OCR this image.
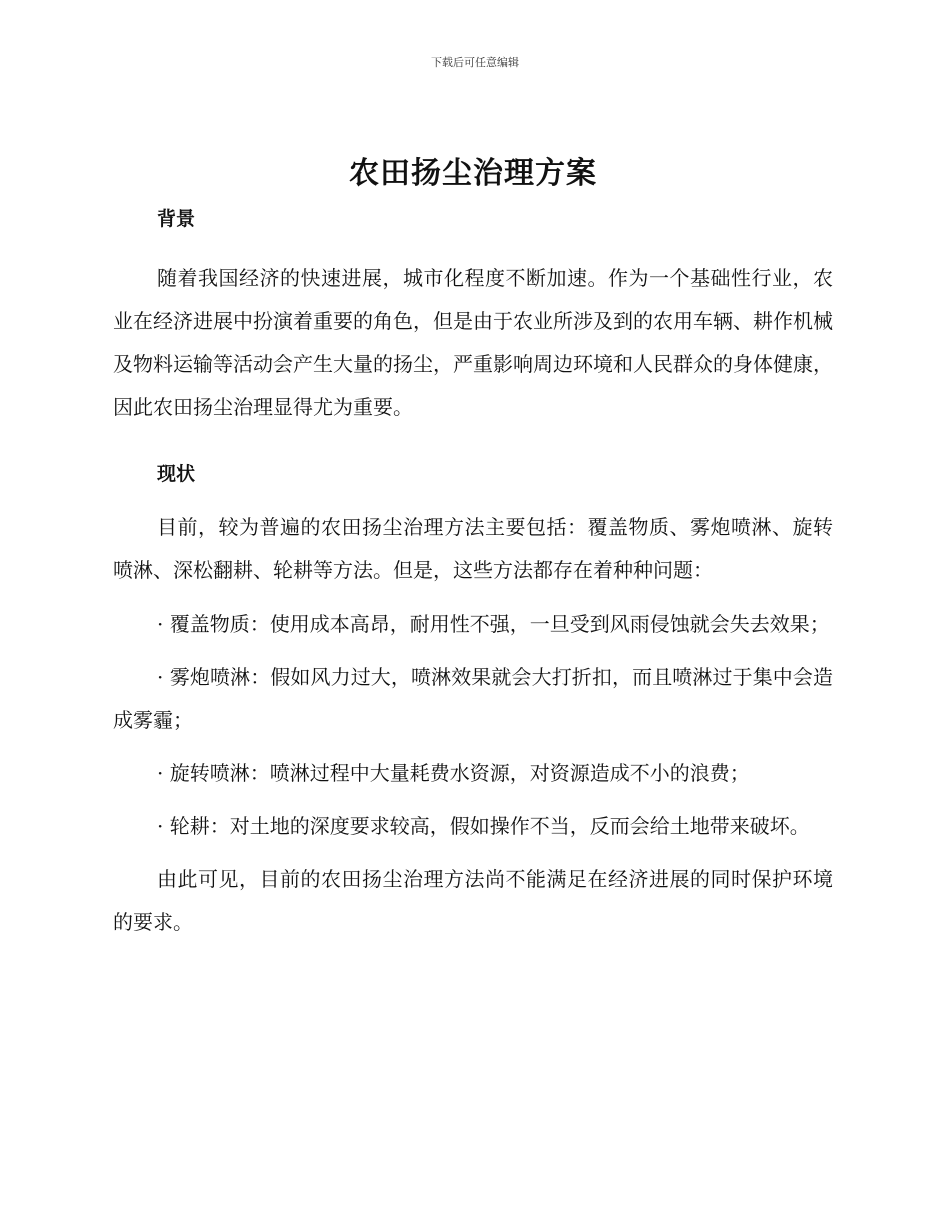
下载后可任意编辑
农田扬尘治理方案
背景

随着我国经济的快速进展，城市化程度不断加速。作为一个基础性行业，农业在经济进展中扮演着重要的角色，但是由于农业所涉及到的农用车辆、耕作机械及物料运输等活动会产生大量的扬尘，严重影响周边环境和人民群众的身体健康，因此农田扬尘治理显得尤为重要。

现状

目前，较为普遍的农田扬尘治理方法主要包括：覆盖物质、雾炮喷淋、旋转喷淋、深松翻耕、轮耕等方法。但是，这些方法都存在着种种问题：

· 覆盖物质：使用成本高昂，耐用性不强，一旦受到风雨侵蚀就会失去效果；

· 雾炮喷淋：假如风力过大，喷淋效果就会大打折扣，而且喷淋过于集中会造成雾霾；

· 旋转喷淋：喷淋过程中大量耗费水资源，对资源造成不小的浪费；

· 轮耕：对土地的深度要求较高，假如操作不当，反而会给土地带来破坏。

由此可见，目前的农田扬尘治理方法尚不能满足在经济进展的同时保护环境的要求。
